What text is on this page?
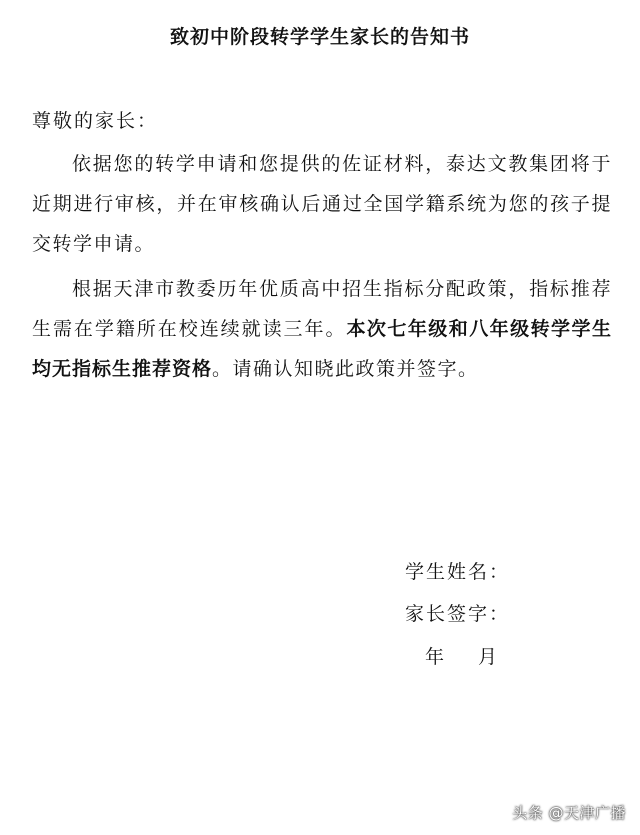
致初中阶段转学学生家长的告知书
尊敬的家长：
依据您的转学申请和您提供的佐证材料，泰达文教集团将于近期进行审核，并在审核确认后通过全国学籍系统为您的孩子提交转学申请。
根据天津市教委历年优质高中招生指标分配政策，指标推荐生需在学籍所在校连续就读三年。本次七年级和八年级转学学生均无指标生推荐资格。请确认知晓此政策并签字。
学生姓名：
家长签字：
年 月
头条 @天津广播
